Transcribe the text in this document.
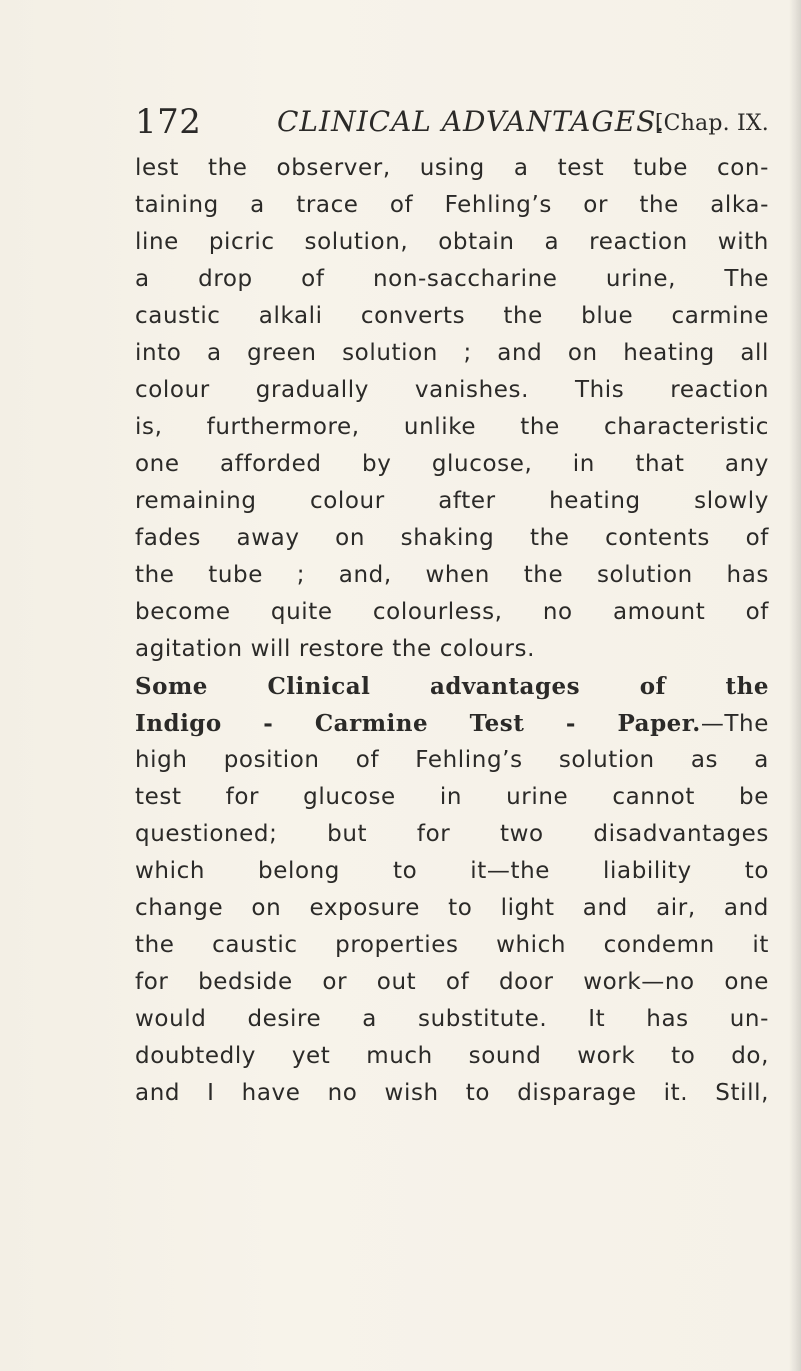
172	CLINICAL ADVANTAGES.
[Chap. IX.
lest the observer, using a test tube con-
taining a trace of Fehling’s or the alka-
line picric solution, obtain a reaction with
a drop of non-saccharine urine, The
caustic alkali converts the blue carmine
into a green solution ; and on heating all
colour gradually vanishes. This reaction
is, furthermore, unlike the characteristic
one afforded by glucose, in that any
remaining colour after heating slowly
fades away on shaking the contents of
the tube ; and, when the solution has
become quite colourless, no amount of
agitation will restore the colours.
Some Clinical advantages of the
Indigo - Carmine Test - Paper.—The
high position of Fehling’s solution as a
test for glucose in urine cannot be
questioned; but for two disadvantages
which belong to it—the liability to
change on exposure to light and air, and
the caustic properties which condemn it
for bedside or out of door work—no one
would desire a substitute. It has un-
doubtedly yet much sound work to do,
and I have no wish to disparage it. Still,
